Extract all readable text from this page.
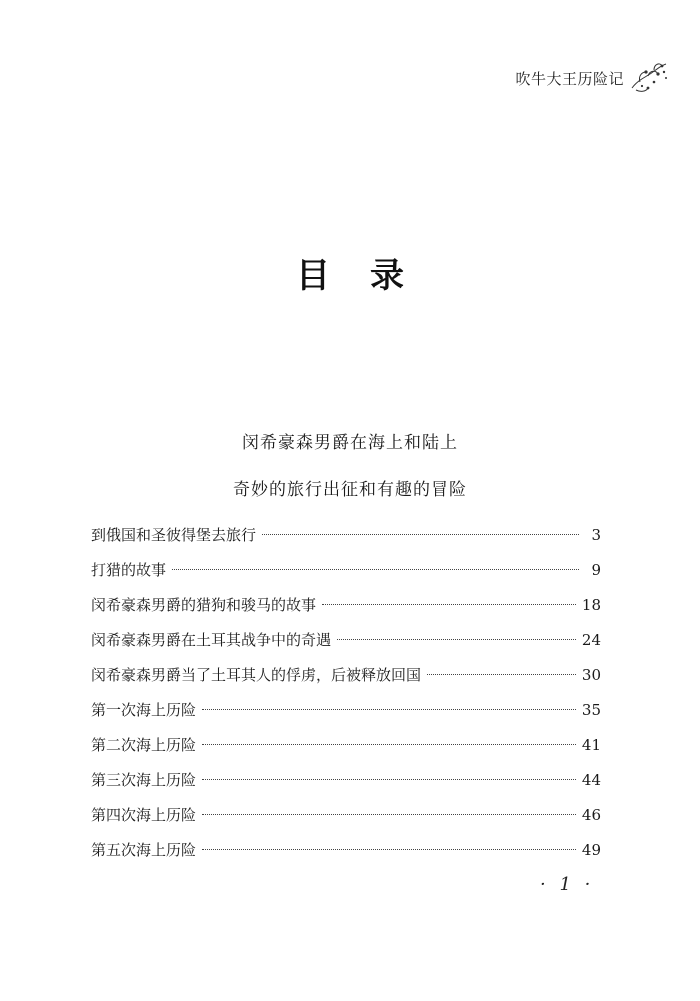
吹牛大王历险记
目录
闵希豪森男爵在海上和陆上
奇妙的旅行出征和有趣的冒险
到俄国和圣彼得堡去旅行	3
打猎的故事	9
闵希豪森男爵的猎狗和骏马的故事	18
闵希豪森男爵在土耳其战争中的奇遇	24
闵希豪森男爵当了土耳其人的俘虏，后被释放回国	30
第一次海上历险	35
第二次海上历险	41
第三次海上历险	44
第四次海上历险	46
第五次海上历险	49
· 1 ·
